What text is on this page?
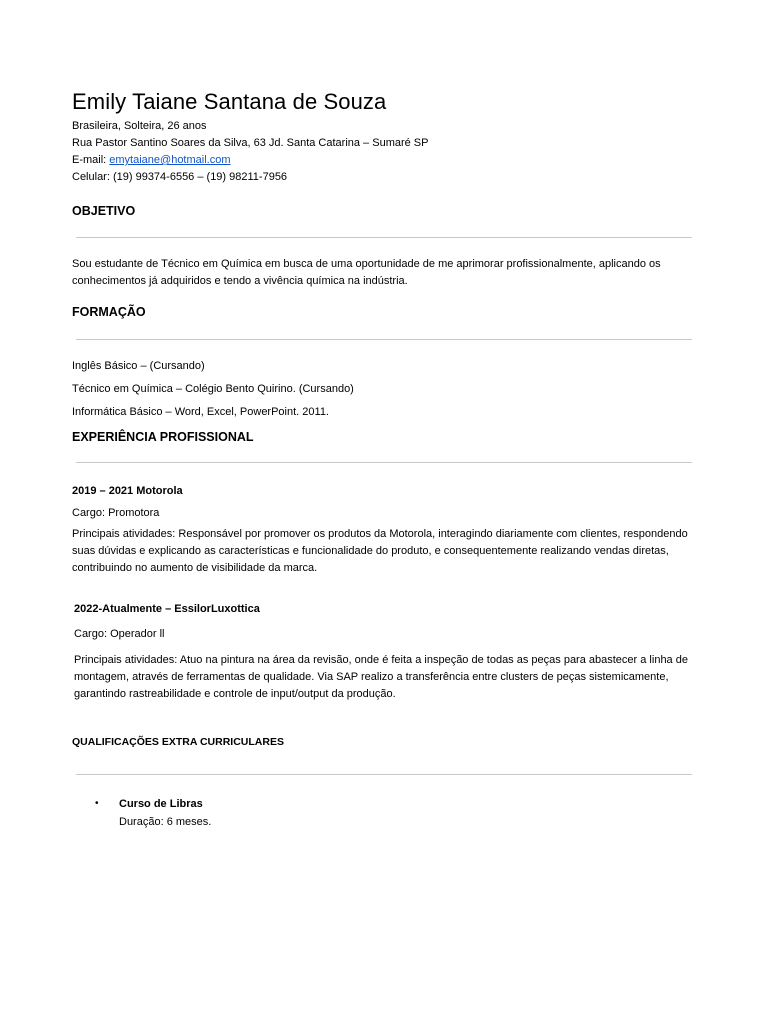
Emily Taiane Santana de Souza
Brasileira, Solteira, 26 anos
Rua Pastor Santino Soares da Silva, 63 Jd. Santa Catarina – Sumaré SP
E-mail: emytaiane@hotmail.com
Celular: (19) 99374-6556 – (19) 98211-7956
OBJETIVO
Sou estudante de Técnico em Química em busca de uma oportunidade de me aprimorar profissionalmente, aplicando os conhecimentos já adquiridos e tendo a vivência química na indústria.
FORMAÇÃO
Inglês Básico – (Cursando)
Técnico em Química – Colégio Bento Quirino. (Cursando)
Informática Básico – Word, Excel, PowerPoint. 2011.
EXPERIÊNCIA PROFISSIONAL
2019 – 2021 Motorola
Cargo: Promotora
Principais atividades: Responsável por promover os produtos da Motorola, interagindo diariamente com clientes, respondendo suas dúvidas e explicando as características e funcionalidade do produto, e consequentemente realizando vendas diretas, contribuindo no aumento de visibilidade da marca.
2022-Atualmente – EssilorLuxottica
Cargo: Operador ll
Principais atividades: Atuo na pintura na área da revisão, onde é feita a inspeção de todas as peças para abastecer a linha de montagem, através de ferramentas de qualidade. Via SAP realizo a transferência entre clusters de peças sistemicamente, garantindo rastreabilidade e controle de input/output da produção.
QUALIFICAÇÕES EXTRA CURRICULARES
• Curso de Libras
Duração: 6 meses.
